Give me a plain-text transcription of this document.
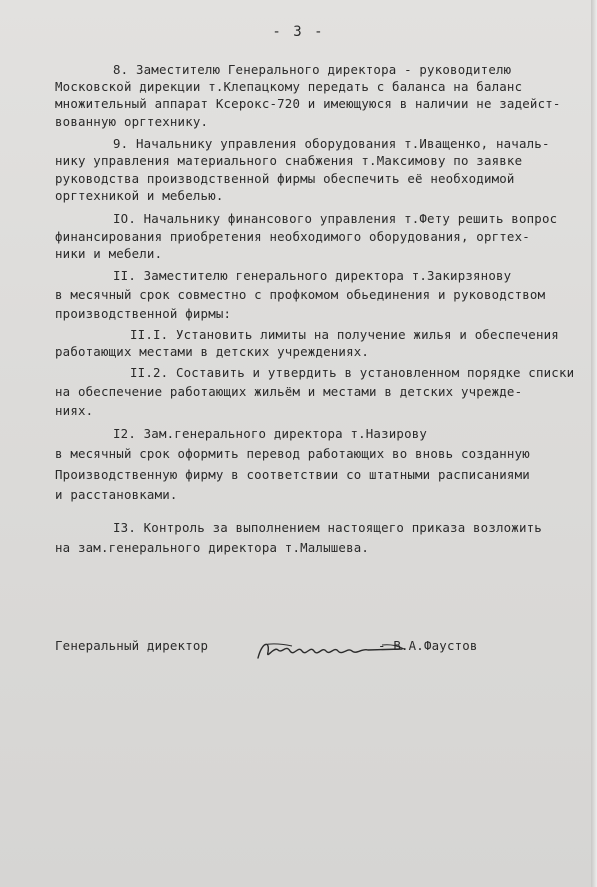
- 3 -
8. Заместителю Генерального директора - руководителю
Московской дирекции т.Клепацкому передать с баланса на баланс
множительный аппарат Ксерокс-720 и имеющуюся в наличии не задейст-
вованную оргтехнику.
9. Начальнику управления оборудования т.Иващенко, началь-
нику управления материального снабжения т.Максимову по заявке
руководства производственной фирмы обеспечить её необходимой
оргтехникой и мебелью.
IO. Начальнику финансового управления т.Фету решить вопрос
финансирования приобретения необходимого оборудования, оргтех-
ники и мебели.
II. Заместителю генерального директора т.Закирзянову
в месячный срок совместно с профкомом обьединения и руководством
производственной фирмы:
II.I. Установить лимиты на получение жилья и обеспечения
работающих местами в детских учреждениях.
II.2. Составить и утвердить в установленном порядке списки
на обеспечение работающих жильём и местами в детских учрежде-
ниях.
I2. Зам.генерального директора т.Назирову
в месячный срок оформить перевод работающих во вновь созданную
Производственную фирму в соответствии со штатными расписаниями
и расстановками.
I3. Контроль за выполнением настоящего приказа возложить
на зам.генерального директора т.Малышева.
Генеральный директор	- В.А.Фаустов
